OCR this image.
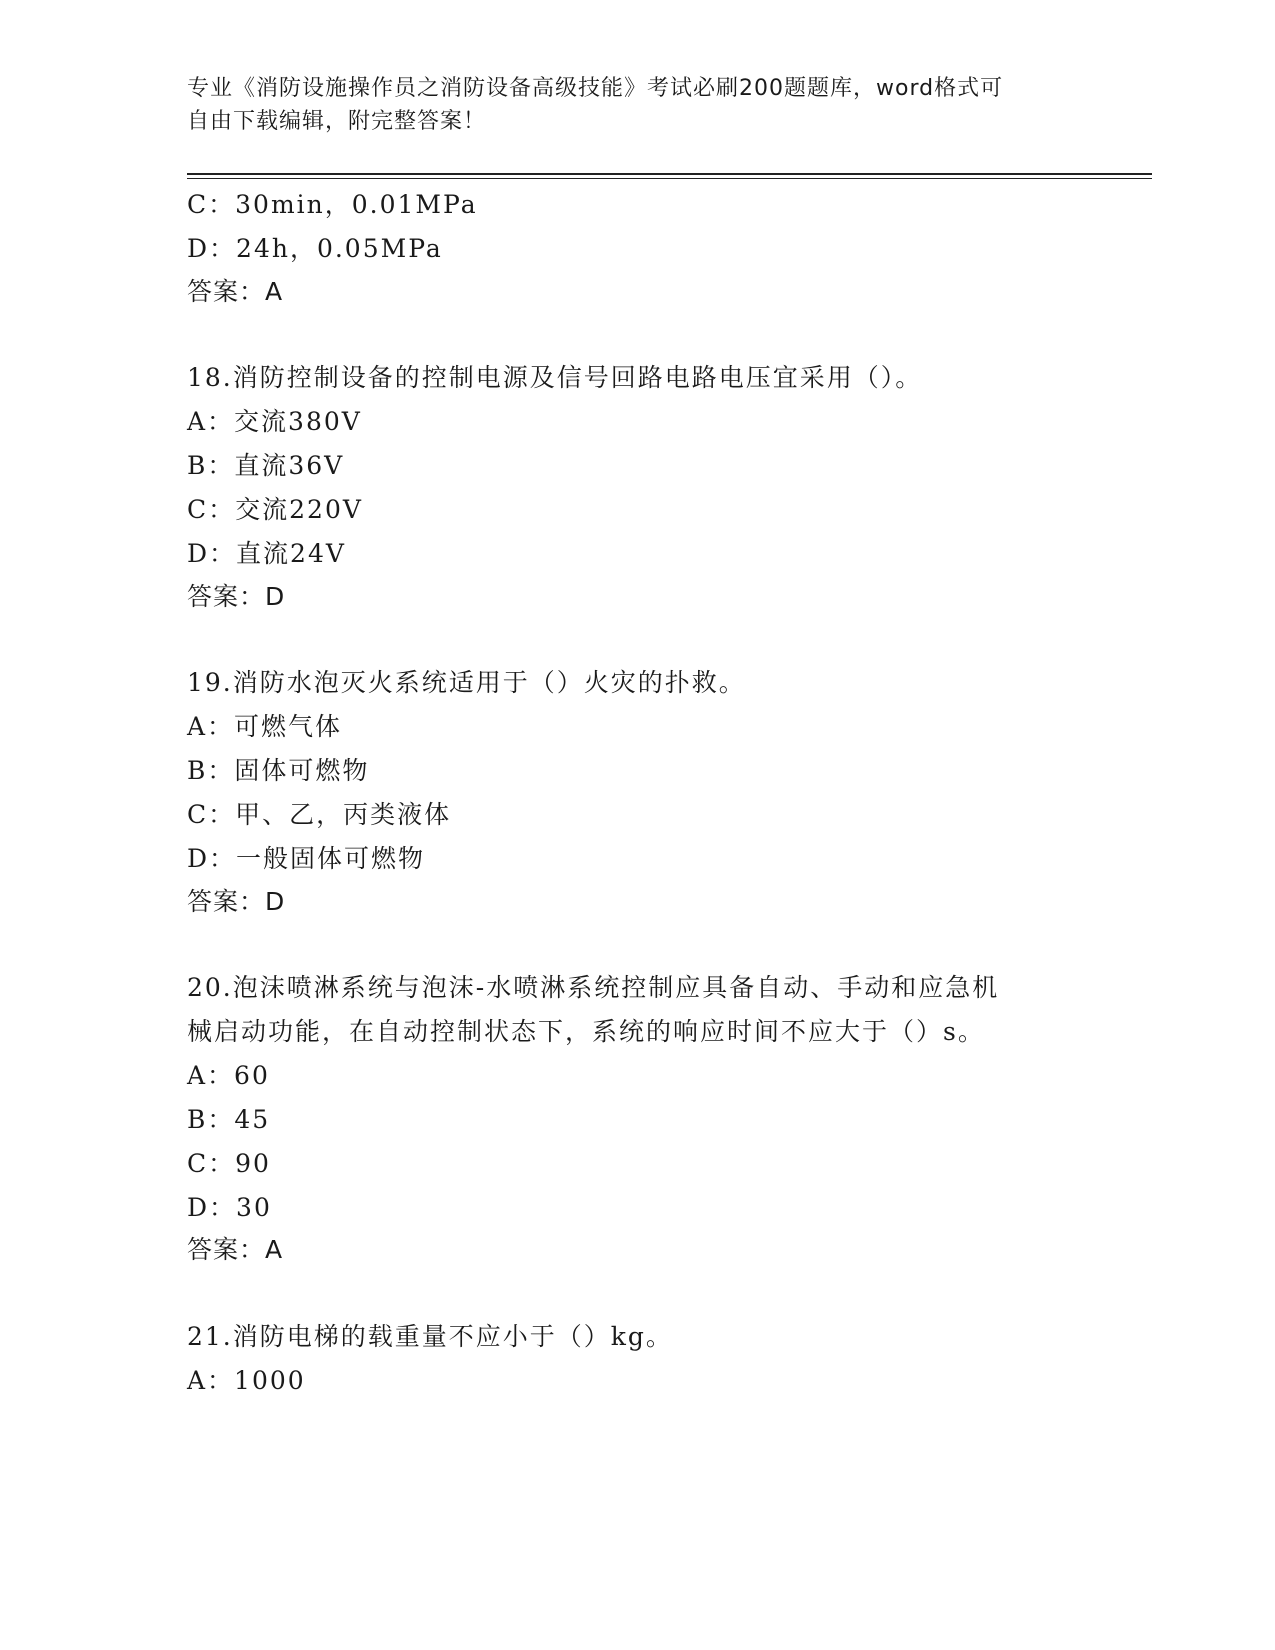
专业《消防设施操作员之消防设备高级技能》考试必刷200题题库，word格式可
自由下载编辑，附完整答案！
C：30min，0.01MPa
D：24h，0.05MPa
答案：A
18.消防控制设备的控制电源及信号回路电路电压宜采用（）。
A：交流380V
B：直流36V
C：交流220V
D：直流24V
答案：D
19.消防水泡灭火系统适用于（）火灾的扑救。
A：可燃气体
B：固体可燃物
C：甲、乙，丙类液体
D：一般固体可燃物
答案：D
20.泡沫喷淋系统与泡沫-水喷淋系统控制应具备自动、手动和应急机
械启动功能，在自动控制状态下，系统的响应时间不应大于（）s。
A：60
B：45
C：90
D：30
答案：A
21.消防电梯的载重量不应小于（）kg。
A：1000
